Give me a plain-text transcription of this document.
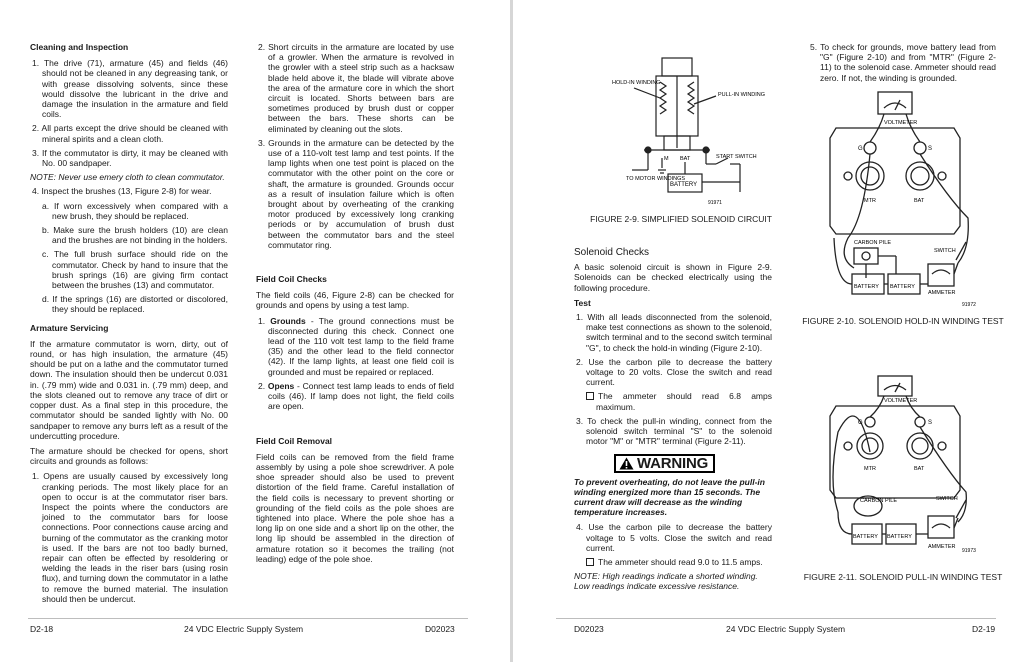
Cleaning and Inspection
1. The drive (71), armature (45) and fields (46) should not be cleaned in any degreasing tank, or with grease dissolving solvents, since these would dissolve the lubricant in the drive and damage the insulation in the armature and field coils.
2. All parts except the drive should be cleaned with mineral spirits and a clean cloth.
3. If the commutator is dirty, it may be cleaned with No. 00 sandpaper.
NOTE: Never use emery cloth to clean commutator.
4. Inspect the brushes (13, Figure 2-8) for wear.
a. If worn excessively when compared with a new brush, they should be replaced.
b. Make sure the brush holders (10) are clean and the brushes are not binding in the holders.
c. The full brush surface should ride on the commutator. Check by hand to insure that the brush springs (16) are giving firm contact between the brushes (13) and commutator.
d. If the springs (16) are distorted or discolored, they should be replaced.
Armature Servicing

If the armature commutator is worn, dirty, out of round, or has high insulation, the armature (45) should be put on a lathe and the commutator turned down. The insulation should then be undercut 0.031 in. (.79 mm) wide and 0.031 in. (.79 mm) deep, and the slots cleaned out to remove any trace of dirt or copper dust. As a final step in this procedure, the commutator should be sanded lightly with No. 00 sandpaper to remove any burrs left as a result of the undercutting procedure.

The armature should be checked for opens, short circuits and grounds as follows:

1. Opens are usually caused by excessively long cranking periods. The most likely place for an open to occur is at the commutator riser bars. Inspect the points where the conductors are joined to the commutator bars for loose connections. Poor connections cause arcing and burning of the commutator as the cranking motor is used. If the bars are not too badly burned, repair can often be effected by resoldering or welding the leads in the riser bars (using rosin flux), and turning down the commutator in a lathe to remove the burned material. The insulation should then be undercut.
2. Short circuits in the armature are located by use of a growler. When the armature is revolved in the growler with a steel strip such as a hacksaw blade held above it, the blade will vibrate above the area of the armature core in which the short circuit is located. Shorts between bars are sometimes produced by brush dust or copper between the bars. These shorts can be eliminated by cleaning out the slots.
3. Grounds in the armature can be detected by the use of a 110-volt test lamp and test points. If the lamp lights when one test point is placed on the commutator with the other point on the core or shaft, the armature is grounded. Grounds occur as a result of insulation failure which is often brought about by overheating of the cranking motor produced by excessively long cranking periods or by accumulation of brush dust between the commutator bars and the steel commutator ring.
Field Coil Checks

The field coils (46, Figure 2-8) can be checked for grounds and opens by using a test lamp.

1. Grounds - The ground connections must be disconnected during this check. Connect one lead of the 110 volt test lamp to the field frame (35) and the other lead to the field connector (42). If the lamp lights, at least one field coil is grounded and must be repaired or replaced.
2. Opens - Connect test lamp leads to ends of field coils (46). If lamp does not light, the field coils are open.
Field Coil Removal

Field coils can be removed from the field frame assembly by using a pole shoe screwdriver. A pole shoe spreader should also be used to prevent distortion of the field frame. Careful installation of the field coils is necessary to prevent shorting or grounding of the field coils as the pole shoes are tightened into place. Where the pole shoe has a long lip on one side and a short lip on the other, the long lip should be assembled in the direction of armature rotation so it becomes the trailing (not leading) edge of the pole shoe.

D2-18	24 VDC Electric Supply System	D02023
HOLD-IN WINDING
PULL-IN WINDING
M BAT	START SWITCH
TO MOTOR WINDINGS
BATTERY
91971
FIGURE 2-9. SIMPLIFIED SOLENOID CIRCUIT
Solenoid Checks

A basic solenoid circuit is shown in Figure 2-9. Solenoids can be checked electrically using the following procedure.

Test
1. With all leads disconnected from the solenoid, make test connections as shown to the solenoid, switch terminal and to the second switch terminal "G", to check the hold-in winding (Figure 2-10).
2. Use the carbon pile to decrease the battery voltage to 20 volts. Close the switch and read current.
The ammeter should read 6.8 amps maximum.
3. To check the pull-in winding, connect from the solenoid switch terminal "S" to the solenoid motor "M" or "MTR" terminal (Figure 2-11).
WARNING
To prevent overheating, do not leave the pull-in winding energized more than 15 seconds. The current draw will decrease as the winding temperature increases.
4. Use the carbon pile to decrease the battery voltage to 5 volts. Close the switch and read current.
The ammeter should read 9.0 to 11.5 amps.
NOTE: High readings indicate a shorted winding. Low readings indicate excessive resistance.
5. To check for grounds, move battery lead from "G" (Figure 2-10) and from "MTR" (Figure 2-11) to the solenoid case. Ammeter should read zero. If not, the winding is grounded.
VOLTMETER
G	S
MTR	BAT
CARBON PILE
SWITCH
BATTERY BATTERY
AMMETER
91972
FIGURE 2-10. SOLENOID HOLD-IN WINDING TEST
VOLTMETER
G	S
MTR	BAT
CARBON PILE	SWITCH
BATTERY BATTERY
AMMETER
91973
FIGURE 2-11. SOLENOID PULL-IN WINDING TEST
D02023	24 VDC Electric Supply System	D2-19
